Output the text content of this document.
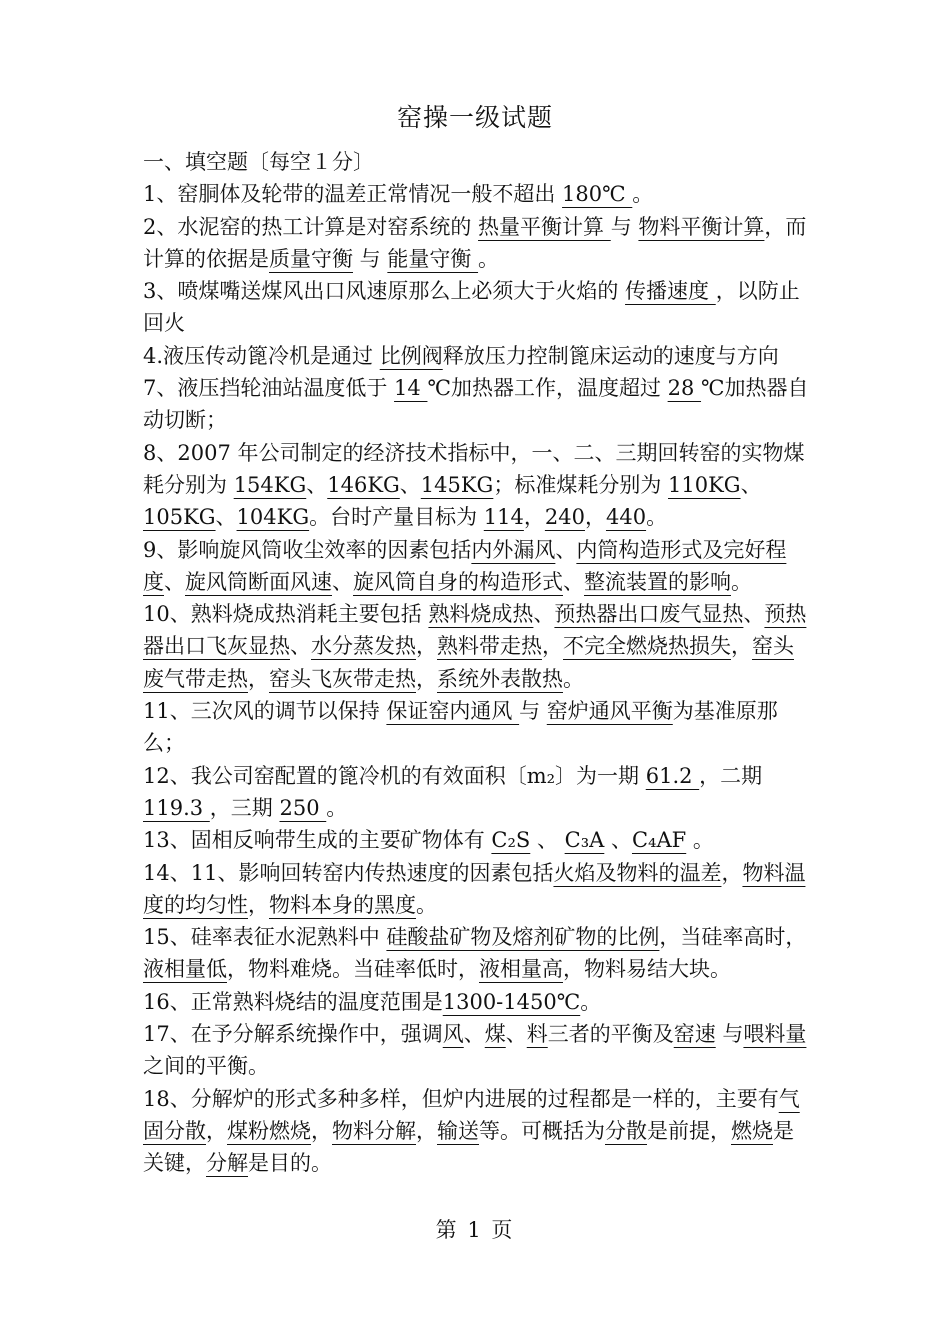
窑操一级试题

一、填空题〔每空１分〕

1、窑胴体及轮带的温差正常情况一般不超出 180℃ 。

2、水泥窑的热工计算是对窑系统的 热量平衡计算 与 物料平衡计算，而计算的依据是质量守衡 与 能量守衡 。

3、喷煤嘴送煤风出口风速原那么上必须大于火焰的 传播速度 ，以防止回火

4.液压传动篦冷机是通过 比例阀释放压力控制篦床运动的速度与方向

7、液压挡轮油站温度低于 14 ℃加热器工作，温度超过 28 ℃加热器自动切断；

8、2007 年公司制定的经济技术指标中，一、二、三期回转窑的实物煤耗分别为 154KG、146KG、145KG；标准煤耗分别为 110KG、105KG、104KG。台时产量目标为 114，240，440。

9、影响旋风筒收尘效率的因素包括内外漏风、内筒构造形式及完好程度、旋风筒断面风速、旋风筒自身的构造形式、整流装置的影响。

10、熟料烧成热消耗主要包括 熟料烧成热、预热器出口废气显热、预热器出口飞灰显热、水分蒸发热，熟料带走热，不完全燃烧热损失，窑头废气带走热，窑头飞灰带走热，系统外表散热。

11、三次风的调节以保持 保证窑内通风 与 窑炉通风平衡为基准原那么；

12、我公司窑配置的篦冷机的有效面积〔m₂〕为一期 61.2 ，二期 119.3 ，三期 250 。

13、固相反响带生成的主要矿物体有 C₂S 、 C₃A 、C₄AF 。

14、11、影响回转窑内传热速度的因素包括火焰及物料的温差，物料温度的均匀性，物料本身的黑度。

15、硅率表征水泥熟料中 硅酸盐矿物及熔剂矿物的比例，当硅率高时，液相量低，物料难烧。当硅率低时，液相量高，物料易结大块。

16、正常熟料烧结的温度范围是1300-1450℃。

17、在予分解系统操作中，强调风、煤、料三者的平衡及窑速 与喂料量之间的平衡。

18、分解炉的形式多种多样，但炉内进展的过程都是一样的，主要有气固分散，煤粉燃烧，物料分解，输送等。可概括为分散是前提，燃烧是关键，分解是目的。

第 1 页
